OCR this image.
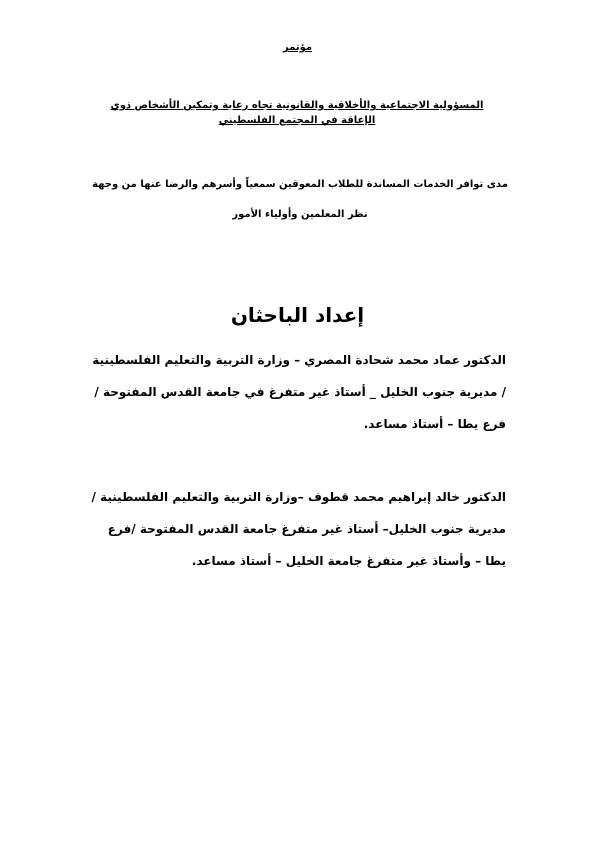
مؤتمر
المسؤولية الاجتماعية والأخلاقية والقانونية تجاه رعاية وتمكين الأشخاص ذوي الإعاقة في المجتمع الفلسطيني
مدى توافر الخدمات المساندة للطلاب المعوقين سمعياً وأسرهم والرضا عنها من وجهة نظر المعلمين وأولياء الأمور
إعداد الباحثان
الدكتور عماد محمد شحادة المصري – وزارة التربية والتعليم الفلسطينية / مديرية جنوب الخليل _ أستاذ غير متفرغ في جامعة القدس المفتوحة /فرع يطا – أستاذ مساعد.
الدكتور خالد إبراهيم محمد قطوف –وزارة التربية والتعليم الفلسطينية / مديرية جنوب الخليل– أستاذ غير متفرغ جامعة القدس المفتوحة /فرع يطا – وأستاذ غير متفرغ جامعة الخليل – أستاذ مساعد.
